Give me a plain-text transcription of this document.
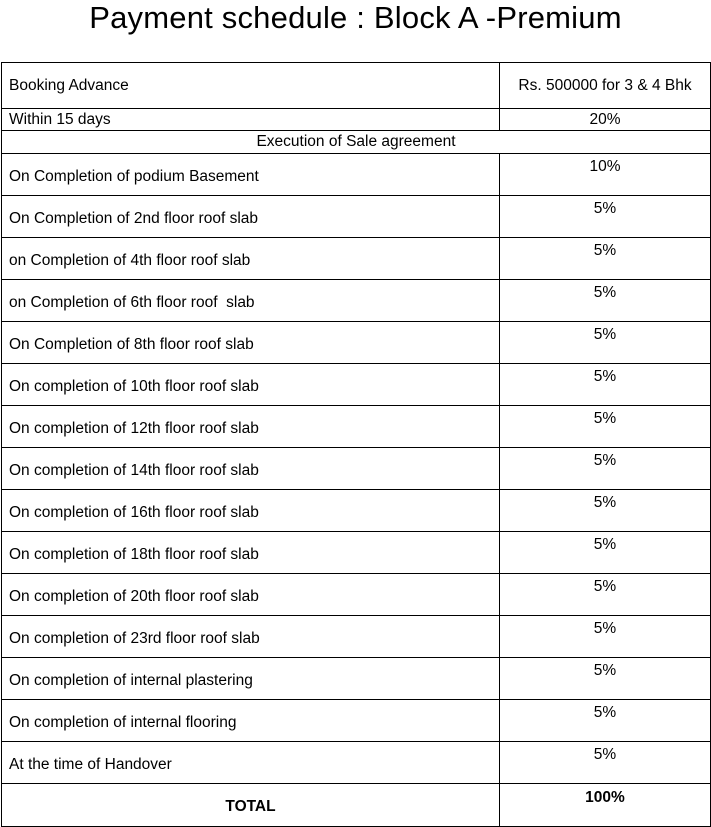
Payment schedule : Block A -Premium
Booking Advance	Rs. 500000 for 3 & 4 Bhk
Within 15 days	20%
Execution of Sale agreement	
On Completion of podium Basement	10%
On Completion of 2nd floor roof slab	5%
on Completion of 4th floor roof slab	5%
on Completion of 6th floor roof  slab	5%
On Completion of 8th floor roof slab	5%
On completion of 10th floor roof slab	5%
On completion of 12th floor roof slab	5%
On completion of 14th floor roof slab	5%
On completion of 16th floor roof slab	5%
On completion of 18th floor roof slab	5%
On completion of 20th floor roof slab	5%
On completion of 23rd floor roof slab	5%
On completion of internal plastering	5%
On completion of internal flooring	5%
At the time of Handover	5%
TOTAL	100%
